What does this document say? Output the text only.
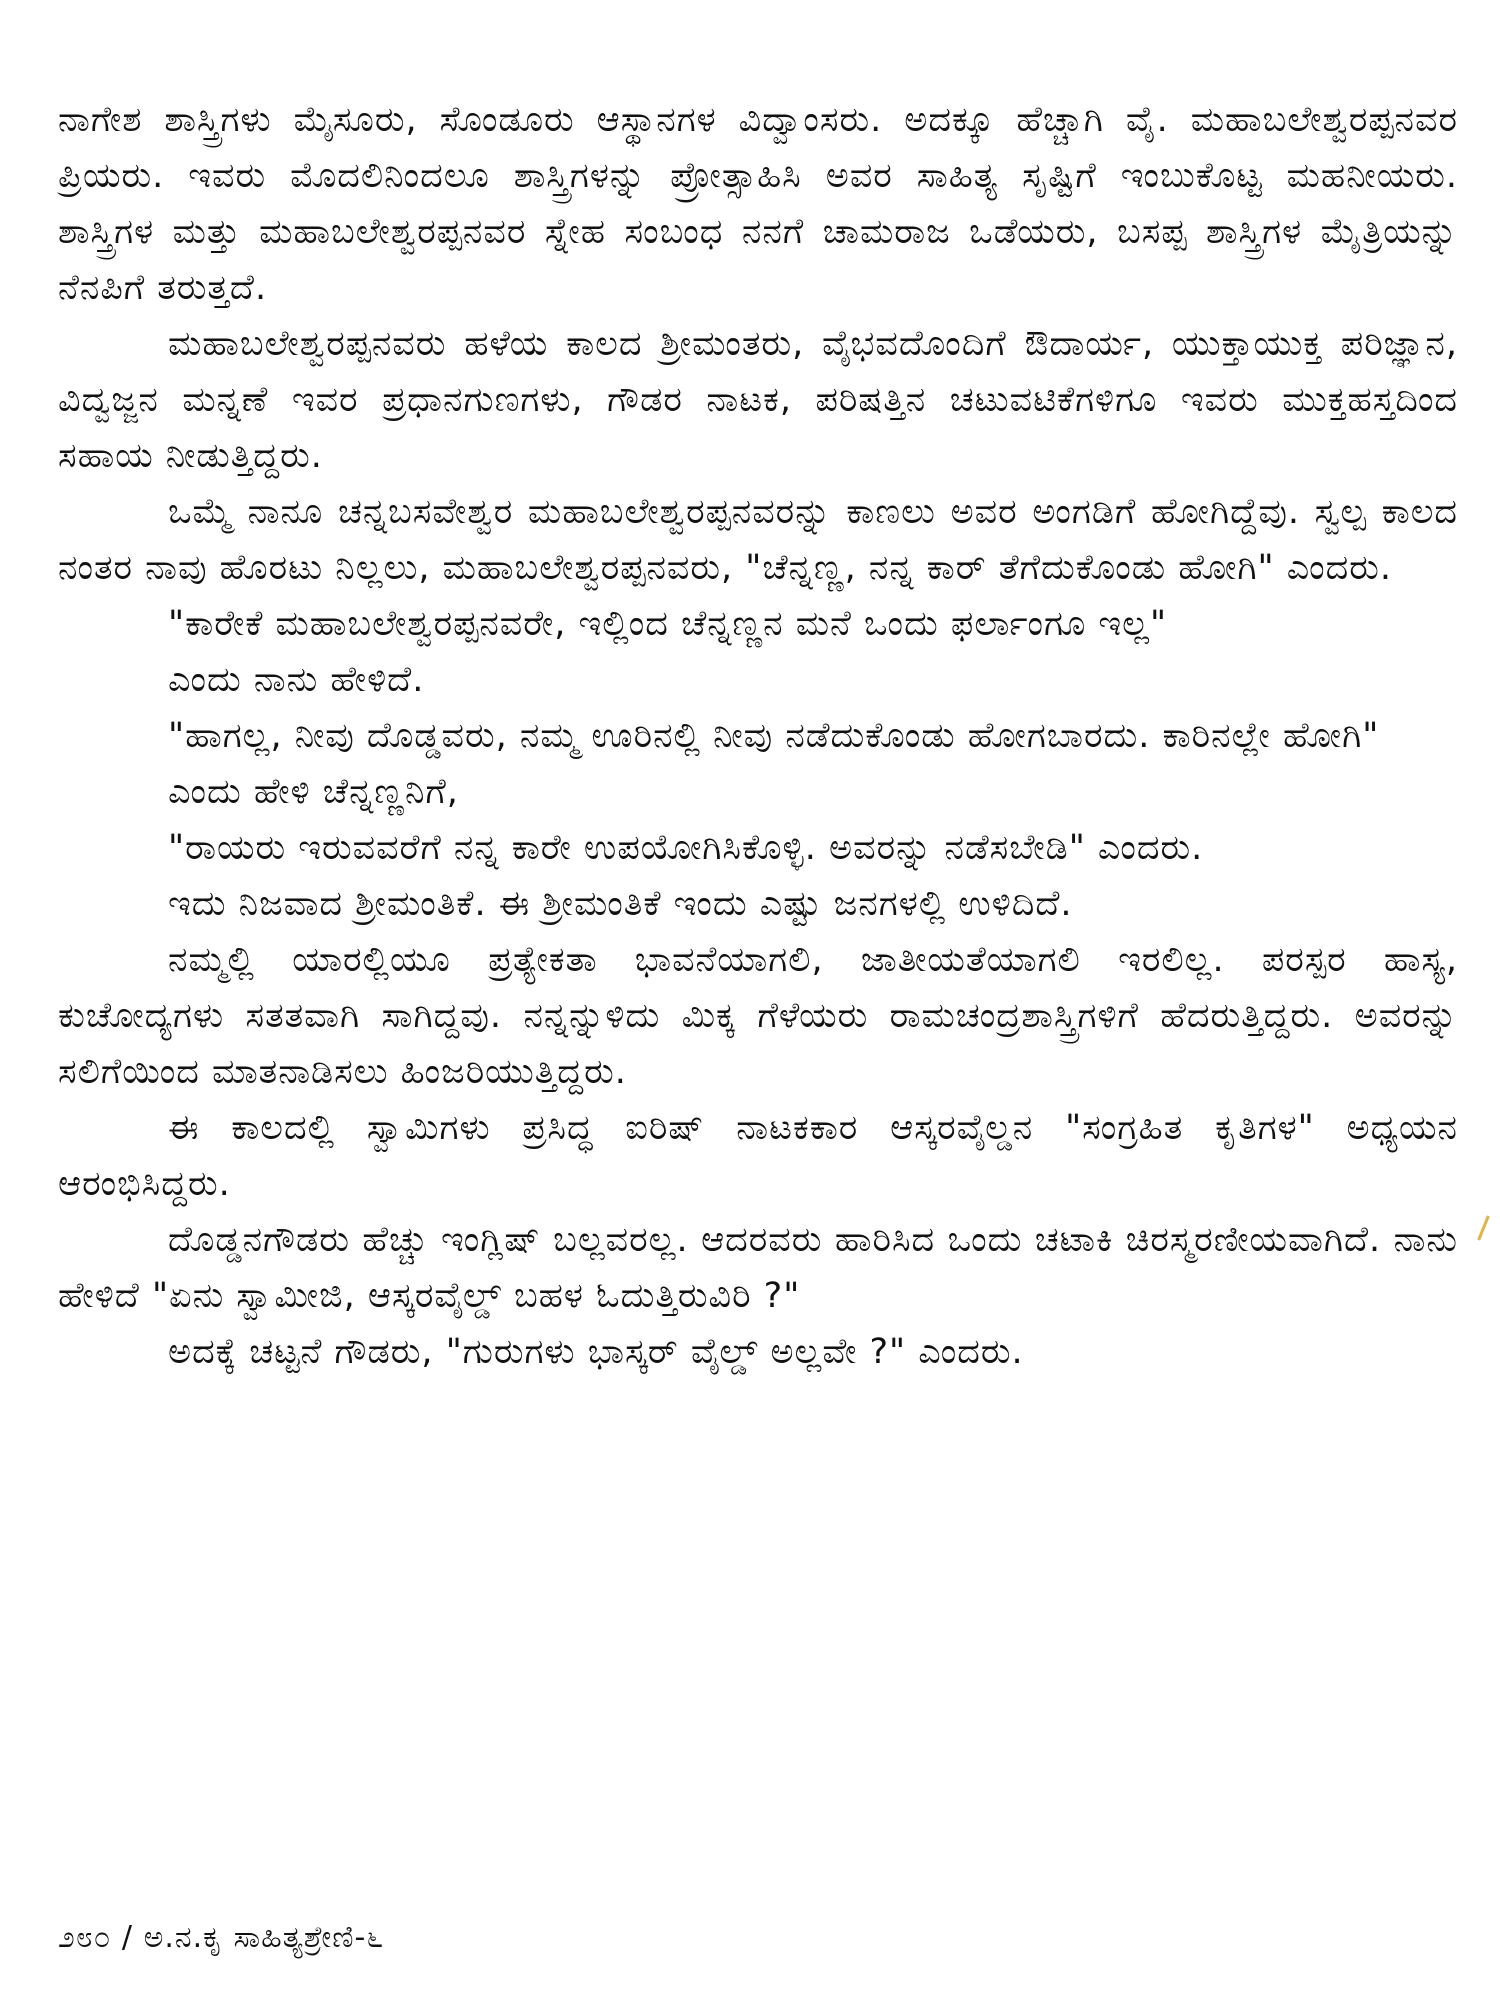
ನಾಗೇಶ ಶಾಸ್ತ್ರಿಗಳು ಮೈಸೂರು, ಸೊಂಡೂರು ಆಸ್ಥಾನಗಳ ವಿದ್ವಾಂಸರು. ಅದಕ್ಕೂ ಹೆಚ್ಚಾಗಿ ವೈ. ಮಹಾಬಲೇಶ್ವರಪ್ಪನವರ ಪ್ರಿಯರು. ಇವರು ಮೊದಲಿನಿಂದಲೂ ಶಾಸ್ತ್ರಿಗಳನ್ನು ಪ್ರೋತ್ಸಾಹಿಸಿ ಅವರ ಸಾಹಿತ್ಯ ಸೃಷ್ಟಿಗೆ ಇಂಬುಕೊಟ್ಟ ಮಹನೀಯರು. ಶಾಸ್ತ್ರಿಗಳ ಮತ್ತು ಮಹಾಬಲೇಶ್ವರಪ್ಪನವರ ಸ್ನೇಹ ಸಂಬಂಧ ನನಗೆ ಚಾಮರಾಜ ಒಡೆಯರು, ಬಸಪ್ಪ ಶಾಸ್ತ್ರಿಗಳ ಮೈತ್ರಿಯನ್ನು ನೆನಪಿಗೆ ತರುತ್ತದೆ.

ಮಹಾಬಲೇಶ್ವರಪ್ಪನವರು ಹಳೆಯ ಕಾಲದ ಶ್ರೀಮಂತರು, ವೈಭವದೊಂದಿಗೆ ಔದಾರ್ಯ, ಯುಕ್ತಾಯುಕ್ತ ಪರಿಜ್ಞಾನ, ವಿದ್ವಜ್ಜನ ಮನ್ನಣೆ ಇವರ ಪ್ರಧಾನಗುಣಗಳು, ಗೌಡರ ನಾಟಕ, ಪರಿಷತ್ತಿನ ಚಟುವಟಿಕೆಗಳಿಗೂ ಇವರು ಮುಕ್ತಹಸ್ತದಿಂದ ಸಹಾಯ ನೀಡುತ್ತಿದ್ದರು.

ಒಮ್ಮೆ ನಾನೂ ಚನ್ನಬಸವೇಶ್ವರ ಮಹಾಬಲೇಶ್ವರಪ್ಪನವರನ್ನು ಕಾಣಲು ಅವರ ಅಂಗಡಿಗೆ ಹೋಗಿದ್ದೆವು. ಸ್ವಲ್ಪ ಕಾಲದ ನಂತರ ನಾವು ಹೊರಟು ನಿಲ್ಲಲು, ಮಹಾಬಲೇಶ್ವರಪ್ಪನವರು, "ಚೆನ್ನಣ್ಣ, ನನ್ನ ಕಾರ್ ತೆಗೆದುಕೊಂಡು ಹೋಗಿ" ಎಂದರು.

"ಕಾರೇಕೆ ಮಹಾಬಲೇಶ್ವರಪ್ಪನವರೇ, ಇಲ್ಲಿಂದ ಚೆನ್ನಣ್ಣನ ಮನೆ ಒಂದು ಫರ್ಲಾಂಗೂ ಇಲ್ಲ"

ಎಂದು ನಾನು ಹೇಳಿದೆ.

"ಹಾಗಲ್ಲ, ನೀವು ದೊಡ್ಡವರು, ನಮ್ಮ ಊರಿನಲ್ಲಿ ನೀವು ನಡೆದುಕೊಂಡು ಹೋಗಬಾರದು. ಕಾರಿನಲ್ಲೇ ಹೋಗಿ"

ಎಂದು ಹೇಳಿ ಚೆನ್ನಣ್ಣನಿಗೆ,

"ರಾಯರು ಇರುವವರೆಗೆ ನನ್ನ ಕಾರೇ ಉಪಯೋಗಿಸಿಕೊಳ್ಳಿ. ಅವರನ್ನು ನಡೆಸಬೇಡಿ" ಎಂದರು.

ಇದು ನಿಜವಾದ ಶ್ರೀಮಂತಿಕೆ. ಈ ಶ್ರೀಮಂತಿಕೆ ಇಂದು ಎಷ್ಟು ಜನಗಳಲ್ಲಿ ಉಳಿದಿದೆ.

ನಮ್ಮಲ್ಲಿ ಯಾರಲ್ಲಿಯೂ ಪ್ರತ್ಯೇಕತಾ ಭಾವನೆಯಾಗಲಿ, ಜಾತೀಯತೆಯಾಗಲಿ ಇರಲಿಲ್ಲ. ಪರಸ್ಪರ ಹಾಸ್ಯ, ಕುಚೋದ್ಯಗಳು ಸತತವಾಗಿ ಸಾಗಿದ್ದವು. ನನ್ನನ್ನುಳಿದು ಮಿಕ್ಕ ಗೆಳೆಯರು ರಾಮಚಂದ್ರಶಾಸ್ತ್ರಿಗಳಿಗೆ ಹೆದರುತ್ತಿದ್ದರು. ಅವರನ್ನು ಸಲಿಗೆಯಿಂದ ಮಾತನಾಡಿಸಲು ಹಿಂಜರಿಯುತ್ತಿದ್ದರು.

ಈ ಕಾಲದಲ್ಲಿ ಸ್ವಾಮಿಗಳು ಪ್ರಸಿದ್ಧ ಐರಿಷ್ ನಾಟಕಕಾರ ಆಸ್ಕರವೈಲ್ಡನ "ಸಂಗ್ರಹಿತ ಕೃತಿಗಳ" ಅಧ್ಯಯನ ಆರಂಭಿಸಿದ್ದರು.

ದೊಡ್ಡನಗೌಡರು ಹೆಚ್ಚು ಇಂಗ್ಲಿಷ್ ಬಲ್ಲವರಲ್ಲ. ಆದರವರು ಹಾರಿಸಿದ ಒಂದು ಚಟಾಕಿ ಚಿರಸ್ಮರಣೀಯವಾಗಿದೆ. ನಾನು ಹೇಳಿದೆ "ಏನು ಸ್ವಾಮೀಜಿ, ಆಸ್ಕರವೈಲ್ಡ್ ಬಹಳ ಓದುತ್ತಿರುವಿರಿ ?"

ಅದಕ್ಕೆ ಚಟ್ಟನೆ ಗೌಡರು, "ಗುರುಗಳು ಭಾಸ್ಕರ್ ವೈಲ್ಡ್ ಅಲ್ಲವೇ ?" ಎಂದರು.

೨೮೦ / ಅ.ನ.ಕೃ ಸಾಹಿತ್ಯಶ್ರೇಣಿ-೬
